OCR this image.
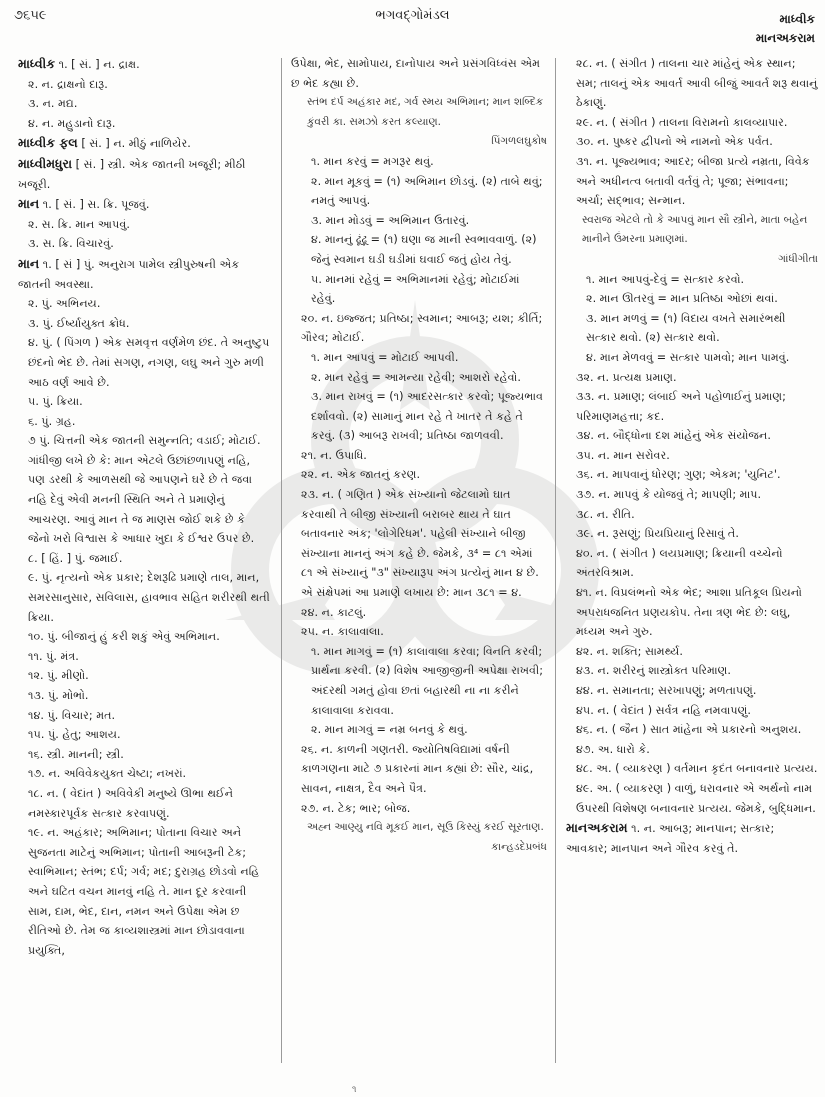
૭૬૫૯	ભગવદ્ગોમંડલ	માધ્વીક
માનઅકરામ
માધ્વીક ૧. [ સં. ] ન. દ્રાક્ષ.
૨. ન. દ્રાક્ષનો દારૂ.
૩. ન. મદ્ય.
૪. ન. મહુડાનો દારૂ.
માધ્વીક ફલ [ સં. ] ન. મીઠું નાળિયેર.
માધ્વીમધુરા [ સં. ] સ્ત્રી. એક જાતની ખજૂરી; મીઠી ખજૂરી.
માન ૧. [ સં. ] સ. ક્રિ. પૂજવું.
૨. સ. ક્રિ. માન આપવું.
૩. સ. ક્રિ. વિચારવું.
માન ૧. [ સં ] પું. અનુરાગ પામેલ સ્ત્રીપુરુષની એક જાતની અવસ્થા.
૨. પું. અભિનય.
૩. પું. ઈર્ષ્યાયુક્ત ક્રોધ.
૪. પું. ( પિંગળ ) એક સમવૃત્ત વર્ણમેળ છંદ. તે અનુષ્ટુપ છંદનો ભેદ છે. તેમાં સગણ, નગણ, લઘુ અને ગુરુ મળી આઠ વર્ણ આવે છે.
૫. પું. ક્રિયા.
૬. પું. ગ્રહ.
૭ પું. ચિત્તની એક જાતની સમુન્નતિ; વડાઈ; મોટાઈ. ગાંધીજી લખે છે કે: માન એટલે ઉછાંછળાપણું નહિ, પણ ડરથી કે આળસથી જે આપણને ઘરે છે તે જવા નહિ દેવું એવી મનની સ્થિતિ અને તે પ્રમાણેનું આચરણ. આવું માન તે જ માણસ જોઈ શકે છે કે જેનો ખરો વિશ્વાસ કે આધાર ખુદા કે ઈશ્વર ઉપર છે.
૮. [ હિં. ] પું. જમાઈ.
૯. પું. નૃત્યનો એક પ્રકાર; દેશરૂઢિ પ્રમાણે તાલ, માન, સમરસાનુસાર, સવિલાસ, હાવભાવ સહિત શરીરથી થતી ક્રિયા.
૧૦. પું. બીજાનું હું કરી શકું એવું અભિમાન.
૧૧. પું. મંત્ર.
૧૨. પું. મીણો.
૧૩. પું. મોભો.
૧૪. પું. વિચાર; મત.
૧૫. પું. હેતુ; આશય.
૧૬. સ્ત્રી. માનની; સ્ત્રી.
૧૭. ન. અવિવેકયુક્ત ચેષ્ટા; નખરાં.
૧૮. ન. ( વેદાંત ) અવિવેકી મનુષ્યે ઊભા થઈને નમસ્કારપૂર્વક સત્કાર કરવાપણું.
૧૯. ન. અહંકાર; અભિમાન; પોતાના વિચાર અને સુજનતા માટેનું અભિમાન; પોતાની આબરૂની ટેક; સ્વાભિમાન; સ્તંભ; દર્પ; ગર્વ; મદ; દુરાગ્રહ છોડવો નહિ અને ઘટિત વચન માનવું નહિ તે. માન દૂર કરવાની સામ, દામ, ભેદ, દાન, નમન અને ઉપેક્ષા એમ છ રીતિઓ છે. તેમ જ કાવ્યશાસ્ત્રમાં માન છોડાવવાના પ્રયુક્તિ,
ઉપેક્ષા, ભેદ, સામોપાય, દાનોપાય અને પ્રસંગવિધ્વંસ એમ છ ભેદ કહ્યા છે.
સ્તંભ દર્પ અહંકાર મદ, ગર્વ સ્મય અભિમાન; માન શબ્દિક કુંવરી કા. સમઝો કરત કલ્યાણ.
પિંગળલઘુકોષ
૧. માન કરવું = મગરૂર થવું.
૨. માન મૂકવું = (૧) અભિમાન છોડવું. (૨) તાબે થવું; નમતું આપવું.
૩. માન મોડવું = અભિમાન ઉતારવું.
૪. માનનું ઢૂંઢૂ = (૧) ઘણા જ માની સ્વભાવવાળું. (૨) જેનું સ્વમાન ઘડી ઘડીમાં ઘવાઈ જતું હોય તેવું.
૫. માનમાં રહેવું = અભિમાનમાં રહેવું; મોટાઈમાં રહેવું.
૨૦. ન. ઇજ્જત; પ્રતિષ્ઠા; સ્વમાન; આબરૂ; યશ; કીર્તિ; ગૌરવ; મોટાઈ.
૧. માન આપવું = મોટાઈ આપવી.
૨. માન રહેવું = આમન્યા રહેવી; આશરો રહેવો.
૩. માન રાખવું = (૧) આદરસત્કાર કરવો; પૂજ્યભાવ દર્શાવવો. (૨) સામાનું માન રહે તે ખાતર તે કહે તે કરવું. (૩) આબરૂ રાખવી; પ્રતિષ્ઠા જાળવવી.
૨૧. ન. ઉપાધિ.
૨૨. ન. એક જાતનું કરણ.
૨૩. ન. ( ગણિત ) એક સંખ્યાનો જેટલામો ઘાત કરવાથી તે બીજી સંખ્યાની બરાબર થાય તે ઘાત બતાવનાર અંક; 'લોગેરિધમ'. પહેલી સંખ્યાને બીજી સંખ્યાના માનનું અંગ કહે છે. જેમકે, ૩⁴ = ૮૧ એમાં ૮૧ એ સંખ્યાનું "૩" સંખ્યારૂપ અંગ પ્રત્યેનું માન ૪ છે. એ સંક્ષેપમાં આ પ્રમાણે લખાય છે: માન ૩૮૧ = ૪.
૨૪. ન. કાટલું.
૨૫. ન. કાલાવાલા.
૧. માન માગવું = (૧) કાલાવાલા કરવા; વિનતિ કરવી; પ્રાર્થના કરવી. (૨) વિશેષ આજીજીની અપેક્ષા રાખવી; અંદરથી ગમતું હોવા છતાં બહારથી ના ના કરીને કાલાવાલા કરાવવા.
૨. માન માગવું = નમ્ર બનવું કે થવું.
૨૬. ન. કાળની ગણતરી. જ્યોતિષવિદ્યામાં વર્ષની કાળગણના માટે ૭ પ્રકારનાં માન કહ્યાં છે: સૌર, ચાંદ્ર, સાવન, નાક્ષત્ર, દૈવ અને પૈત્ર.
૨૭. ન. ટેક; ભાર; બોજ.
અહ્ન આણ્યુ નવિ મૂકઈ માન, સૂઉ કિસ્યું કરઈ સૂરતાણ.
કાન્હડદેપ્રબંધ
૨૮. ન. ( સંગીત ) તાલના ચાર માંહેનું એક સ્થાન; સમ; તાલનું એક આવર્ત આવી બીજું આવર્ત શરૂ થવાનું ઠેકાણું.
૨૯. ન. ( સંગીત ) તાલના વિરામનો કાલવ્યાપાર.
૩૦. ન. પુષ્કર દ્વીપનો એ નામનો એક પર્વત.
૩૧. ન. પૂજ્યભાવ; આદર; બીજા પ્રત્યે નમ્રતા, વિવેક અને અધીનત્વ બતાવી વર્તવું તે; પૂજા; સંભાવના; અર્ચા; સદ્ભાવ; સન્માન.
સ્વરાજ એટલે તો કે આપવું માન સૌ સ્ત્રીને, માતા બહેન માનીને ઉંમરના પ્રમાણમાં.
ગાંધીગીતા
૧. માન આપવું-દેવું = સત્કાર કરવો.
૨. માન ઊતરવું = માન પ્રતિષ્ઠા ઓછાં થવાં.
૩. માન મળવું = (૧) વિદાય વખતે સમારંભથી સત્કાર થવો. (૨) સત્કાર થવો.
૪. માન મેળવવું = સત્કાર પામવો; માન પામવું.
૩૨. ન. પ્રત્યક્ષ પ્રમાણ.
૩૩. ન. પ્રમાણ; લંબાઈ અને પહોળાઈનું પ્રમાણ; પરિમાણમહત્તા; કદ.
૩૪. ન. બૌદ્ધોના દશ માંહેનું એક સંયોજન.
૩૫. ન. માન સરોવર.
૩૬. ન. માપવાનું ધોરણ; ગુણ; એકમ; 'યુનિટ'.
૩૭. ન. માપવું કે યોજવું તે; માપણી; માપ.
૩૮. ન. રીતિ.
૩૯. ન. રૂસણું; પ્રિયપ્રિયાનું રિસાવું તે.
૪૦. ન. ( સંગીત ) લયપ્રમાણ; ક્રિયાની વચ્ચેનો અંતરવિશ્રામ.
૪૧. ન. વિપ્રલંભનો એક ભેદ; આશા પ્રતિકૂલ પ્રિયનો અપરાધજનિત પ્રણયકોપ. તેના ત્રણ ભેદ છે: લઘુ, મધ્યમ અને ગુરુ.
૪૨. ન. શક્તિ; સામર્થ્ય.
૪૩. ન. શરીરનું શાસ્ત્રોક્ત પરિમાણ.
૪૪. ન. સમાનતા; સરખાપણું; મળતાપણું.
૪૫. ન. ( વેદાંત ) સર્વત્ર નહિ નમવાપણું.
૪૬. ન. ( જૈન ) સાત માંહેના એ પ્રકારનો અનુશય.
૪૭. અ. ધારો કે.
૪૮. અ. ( વ્યાકરણ ) વર્તમાન કૃદંત બનાવનાર પ્રત્યય.
૪૯. અ. ( વ્યાકરણ ) વાળું, ધરાવનાર એ અર્થનો નામ ઉપરથી વિશેષણ બનાવનાર પ્રત્યય. જેમકે, બુદ્ધિમાન.
માનઅકરામ ૧. ન. આબરૂ; માનપાન; સત્કાર; આવકાર; માનપાન અને ગૌરવ કરવું તે.
૧
